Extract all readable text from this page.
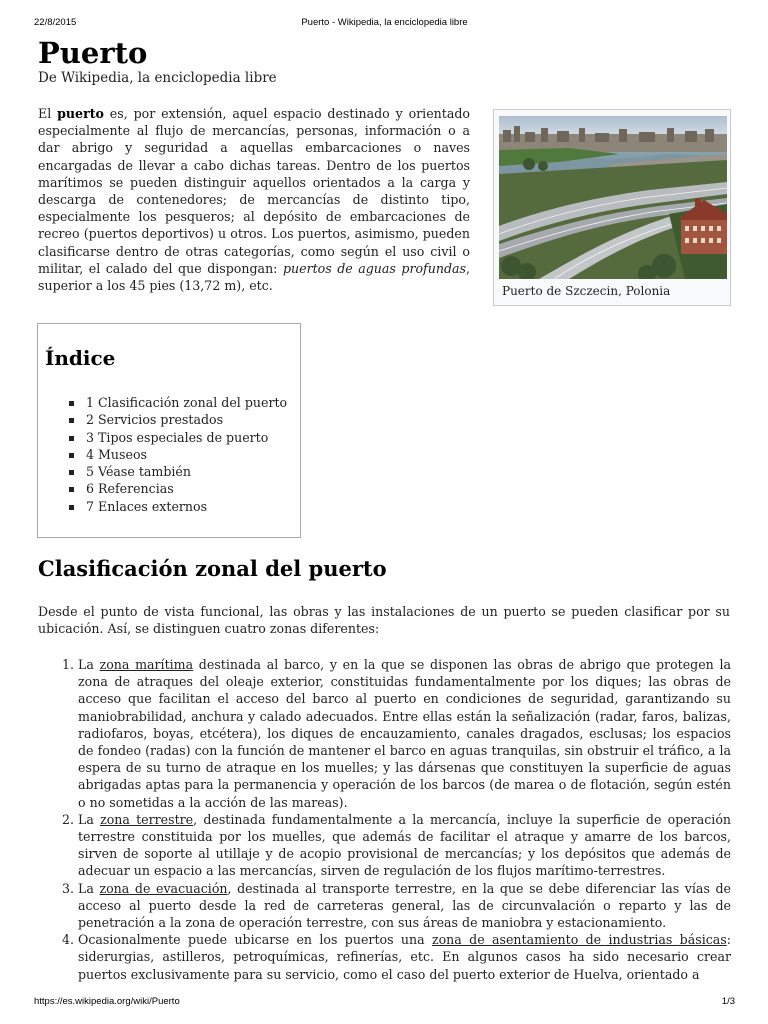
22/8/2015	Puerto - Wikipedia, la enciclopedia libre
Puerto

De Wikipedia, la enciclopedia libre

El puerto es, por extensión, aquel espacio destinado y orientado especialmente al flujo de mercancías, personas, información o a dar abrigo y seguridad a aquellas embarcaciones o naves encargadas de llevar a cabo dichas tareas. Dentro de los puertos marítimos se pueden distinguir aquellos orientados a la carga y descarga de contenedores; de mercancías de distinto tipo, especialmente los pesqueros; al depósito de embarcaciones de recreo (puertos deportivos) u otros. Los puertos, asimismo, pueden clasificarse dentro de otras categorías, como según el uso civil o militar, el calado del que dispongan: puertos de aguas profundas, superior a los 45 pies (13,72 m), etc.	Puerto de Szczecin, Polonia
Índice
1 Clasificación zonal del puerto
2 Servicios prestados
3 Tipos especiales de puerto
4 Museos
5 Véase también
6 Referencias
7 Enlaces externos
Clasificación zonal del puerto

Desde el punto de vista funcional, las obras y las instalaciones de un puerto se pueden clasificar por su ubicación. Así, se distinguen cuatro zonas diferentes:

1. La zona marítima destinada al barco, y en la que se disponen las obras de abrigo que protegen la zona de atraques del oleaje exterior, constituidas fundamentalmente por los diques; las obras de acceso que facilitan el acceso del barco al puerto en condiciones de seguridad, garantizando su maniobrabilidad, anchura y calado adecuados. Entre ellas están la señalización (radar, faros, balizas, radiofaros, boyas, etcétera), los diques de encauzamiento, canales dragados, esclusas; los espacios de fondeo (radas) con la función de mantener el barco en aguas tranquilas, sin obstruir el tráfico, a la espera de su turno de atraque en los muelles; y las dársenas que constituyen la superficie de aguas abrigadas aptas para la permanencia y operación de los barcos (de marea o de flotación, según estén o no sometidas a la acción de las mareas).
2. La zona terrestre, destinada fundamentalmente a la mercancía, incluye la superficie de operación terrestre constituida por los muelles, que además de facilitar el atraque y amarre de los barcos, sirven de soporte al utillaje y de acopio provisional de mercancías; y los depósitos que además de adecuar un espacio a las mercancías, sirven de regulación de los flujos marítimo-terrestres.
3. La zona de evacuación, destinada al transporte terrestre, en la que se debe diferenciar las vías de acceso al puerto desde la red de carreteras general, las de circunvalación o reparto y las de penetración a la zona de operación terrestre, con sus áreas de maniobra y estacionamiento.
4. Ocasionalmente puede ubicarse en los puertos una zona de asentamiento de industrias básicas: siderurgias, astilleros, petroquímicas, refinerías, etc. En algunos casos ha sido necesario crear puertos exclusivamente para su servicio, como el caso del puerto exterior de Huelva, orientado a
https://es.wikipedia.org/wiki/Puerto	1/3
